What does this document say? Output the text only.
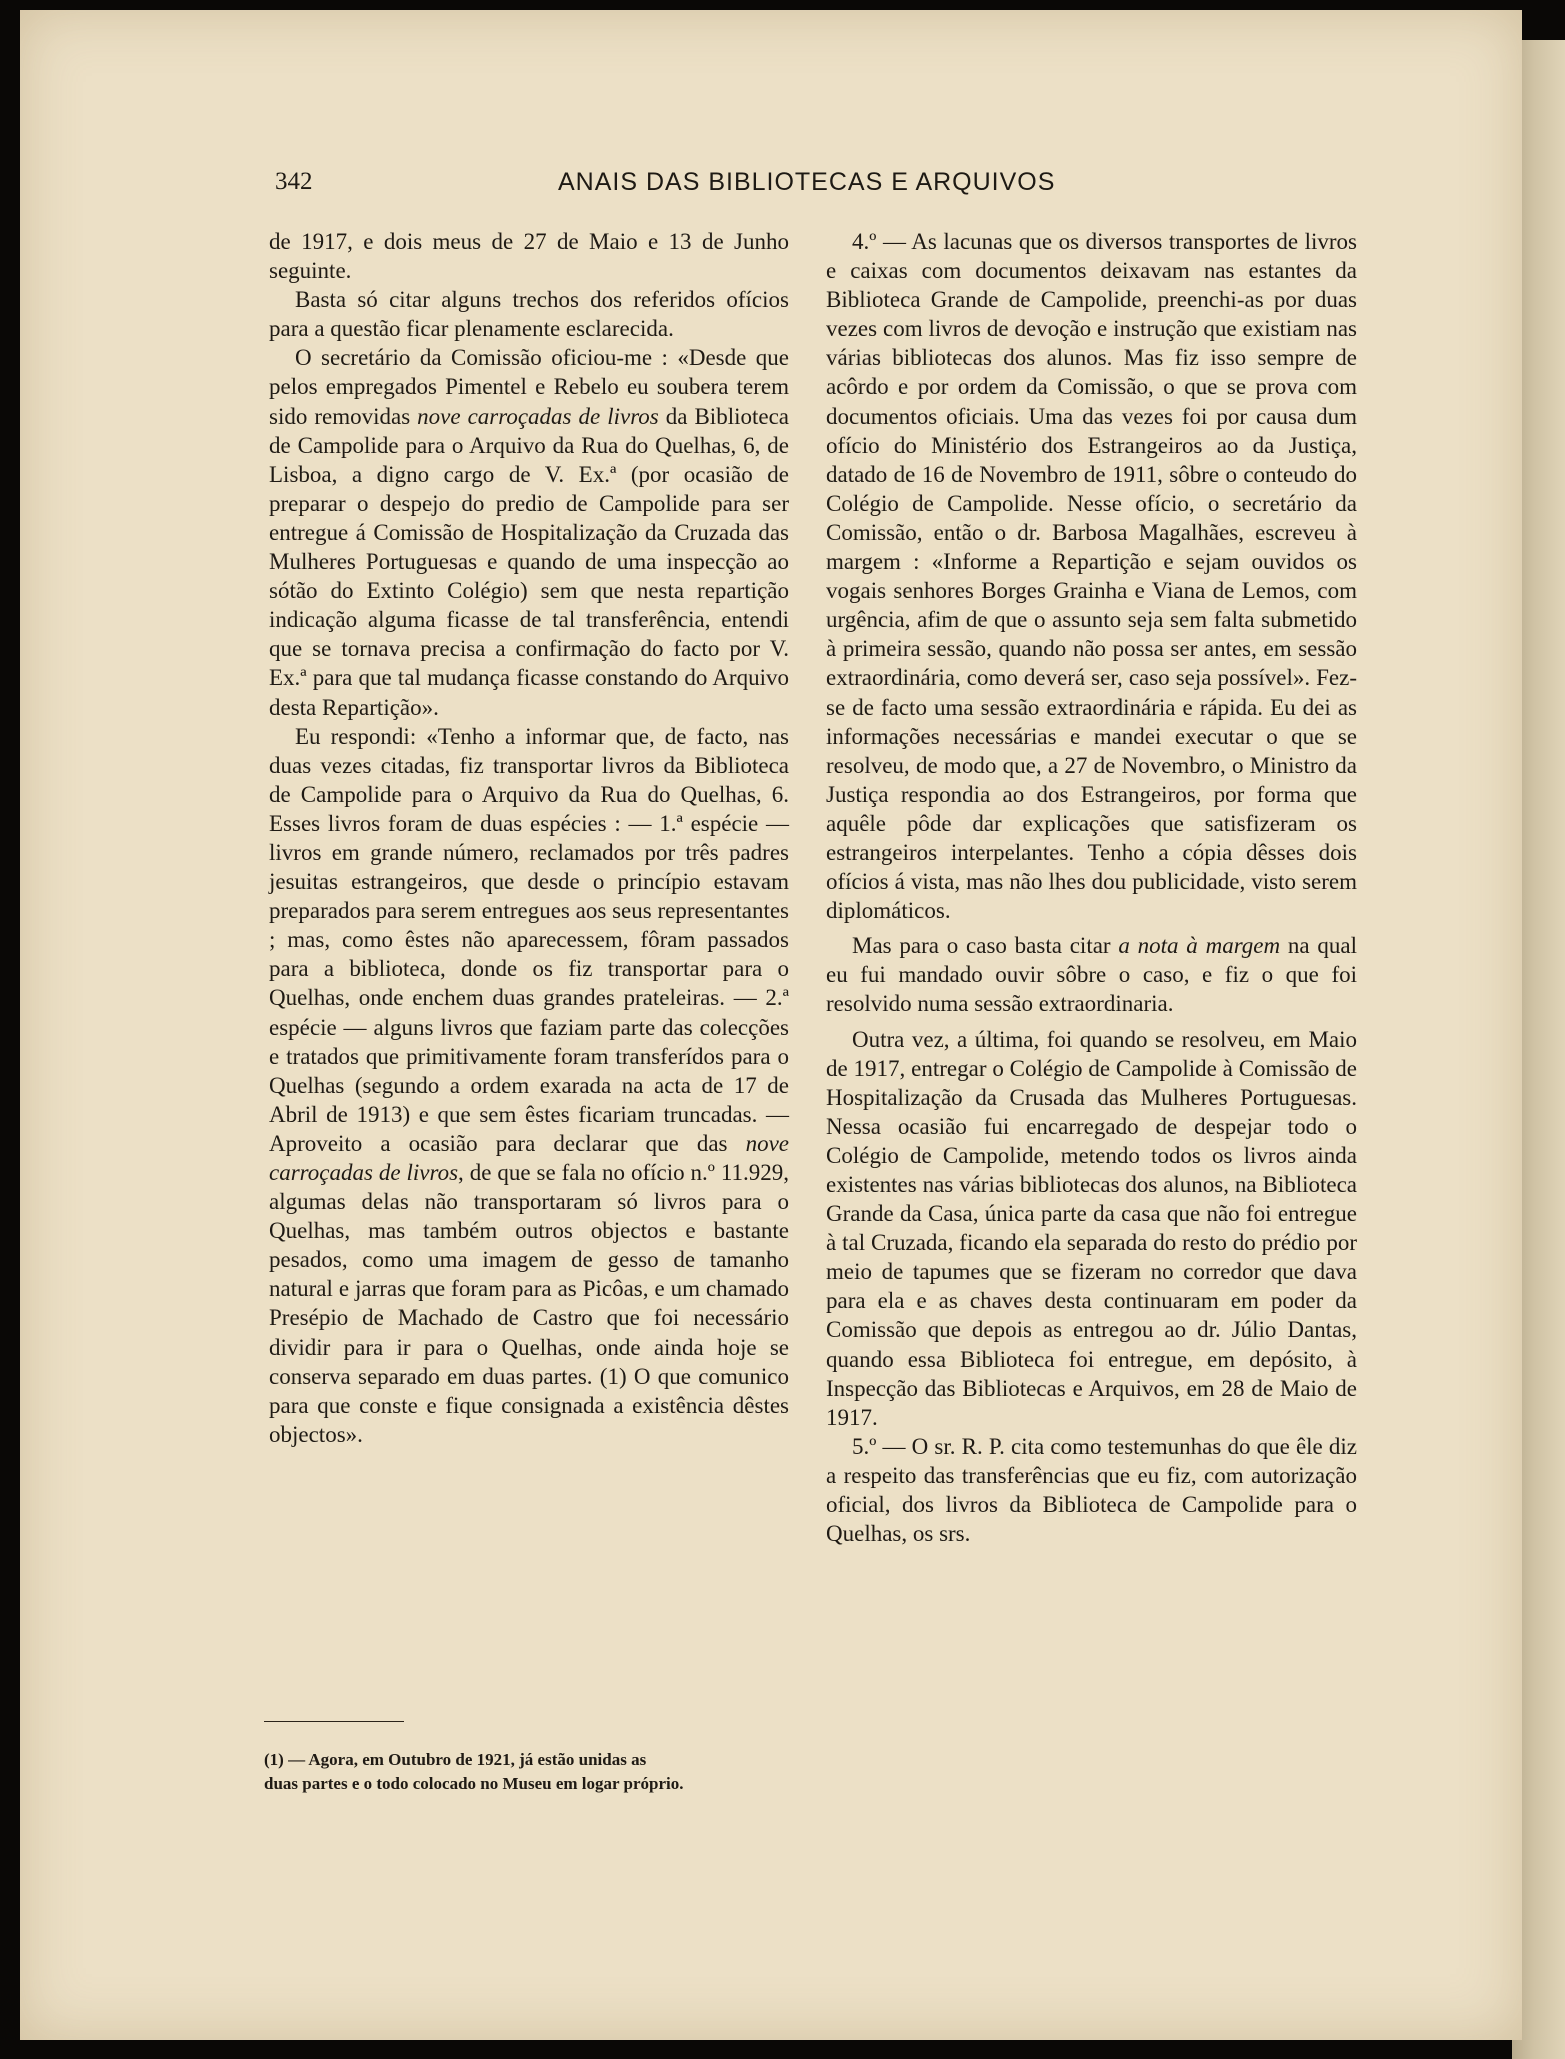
342	ANAIS DAS BIBLIOTECAS E ARQUIVOS

de 1917, e dois meus de 27 de Maio e 13 de Junho seguinte.

Basta só citar alguns trechos dos referidos ofícios para a questão ficar plenamente esclarecida.

O secretário da Comissão oficiou-me : «Desde que pelos empregados Pimentel e Rebelo eu soubera terem sido removidas nove carroçadas de livros da Biblioteca de Campolide para o Arquivo da Rua do Quelhas, 6, de Lisboa, a digno cargo de V. Ex.ª (por ocasião de preparar o despejo do predio de Campolide para ser entregue á Comissão de Hospitalização da Cruzada das Mulheres Portuguesas e quando de uma inspecção ao sótão do Extinto Colégio) sem que nesta repartição indicação alguma ficasse de tal transferência, entendi que se tornava precisa a confirmação do facto por V. Ex.ª para que tal mudança ficasse constando do Arquivo desta Repartição».

Eu respondi: «Tenho a informar que, de facto, nas duas vezes citadas, fiz transportar livros da Biblioteca de Campolide para o Arquivo da Rua do Quelhas, 6. Esses livros foram de duas espécies : — 1.ª espécie — livros em grande número, reclamados por três padres jesuitas estrangeiros, que desde o princípio estavam preparados para serem entregues aos seus representantes ; mas, como êstes não aparecessem, fôram passados para a biblioteca, donde os fiz transportar para o Quelhas, onde enchem duas grandes prateleiras. — 2.ª espécie — alguns livros que faziam parte das colecções e tratados que primitivamente foram transferídos para o Quelhas (segundo a ordem exarada na acta de 17 de Abril de 1913) e que sem êstes ficariam truncadas. — Aproveito a ocasião para declarar que das nove carroçadas de livros, de que se fala no ofício n.º 11.929, algumas delas não transportaram só livros para o Quelhas, mas também outros objectos e bastante pesados, como uma imagem de gesso de tamanho natural e jarras que foram para as Picôas, e um chamado Presépio de Machado de Castro que foi necessário dividir para ir para o Quelhas, onde ainda hoje se conserva separado em duas partes. (1) O que comunico para que conste e fique consignada a existência dêstes objectos».

4.º — As lacunas que os diversos transportes de livros e caixas com documentos deixavam nas estantes da Biblioteca Grande de Campolide, preenchi-as por duas vezes com livros de devoção e instrução que existiam nas várias bibliotecas dos alunos. Mas fiz isso sempre de acôrdo e por ordem da Comissão, o que se prova com documentos oficiais. Uma das vezes foi por causa dum ofício do Ministério dos Estrangeiros ao da Justiça, datado de 16 de Novembro de 1911, sôbre o conteudo do Colégio de Campolide. Nesse ofício, o secretário da Comissão, então o dr. Barbosa Magalhães, escreveu à margem : «Informe a Repartição e sejam ouvidos os vogais senhores Borges Grainha e Viana de Lemos, com urgência, afim de que o assunto seja sem falta submetido à primeira sessão, quando não possa ser antes, em sessão extraordinária, como deverá ser, caso seja possível». Fez-se de facto uma sessão extraordinária e rápida. Eu dei as informações necessárias e mandei executar o que se resolveu, de modo que, a 27 de Novembro, o Ministro da Justiça respondia ao dos Estrangeiros, por forma que aquêle pôde dar explicações que satisfizeram os estrangeiros interpelantes. Tenho a cópia dêsses dois ofícios á vista, mas não lhes dou publicidade, visto serem diplomáticos.

Mas para o caso basta citar a nota à margem na qual eu fui mandado ouvir sôbre o caso, e fiz o que foi resolvido numa sessão extraordinaria.

Outra vez, a última, foi quando se resolveu, em Maio de 1917, entregar o Colégio de Campolide à Comissão de Hospitalização da Crusada das Mulheres Portuguesas. Nessa ocasião fui encarregado de despejar todo o Colégio de Campolide, metendo todos os livros ainda existentes nas várias bibliotecas dos alunos, na Biblioteca Grande da Casa, única parte da casa que não foi entregue à tal Cruzada, ficando ela separada do resto do prédio por meio de tapumes que se fizeram no corredor que dava para ela e as chaves desta continuaram em poder da Comissão que depois as entregou ao dr. Júlio Dantas, quando essa Biblioteca foi entregue, em depósito, à Inspecção das Bibliotecas e Arquivos, em 28 de Maio de 1917.

5.º — O sr. R. P. cita como testemunhas do que êle diz a respeito das transferências que eu fiz, com autorização oficial, dos livros da Biblioteca de Campolide para o Quelhas, os srs.

(1) — Agora, em Outubro de 1921, já estão unidas as
duas partes e o todo colocado no Museu em logar próprio.
